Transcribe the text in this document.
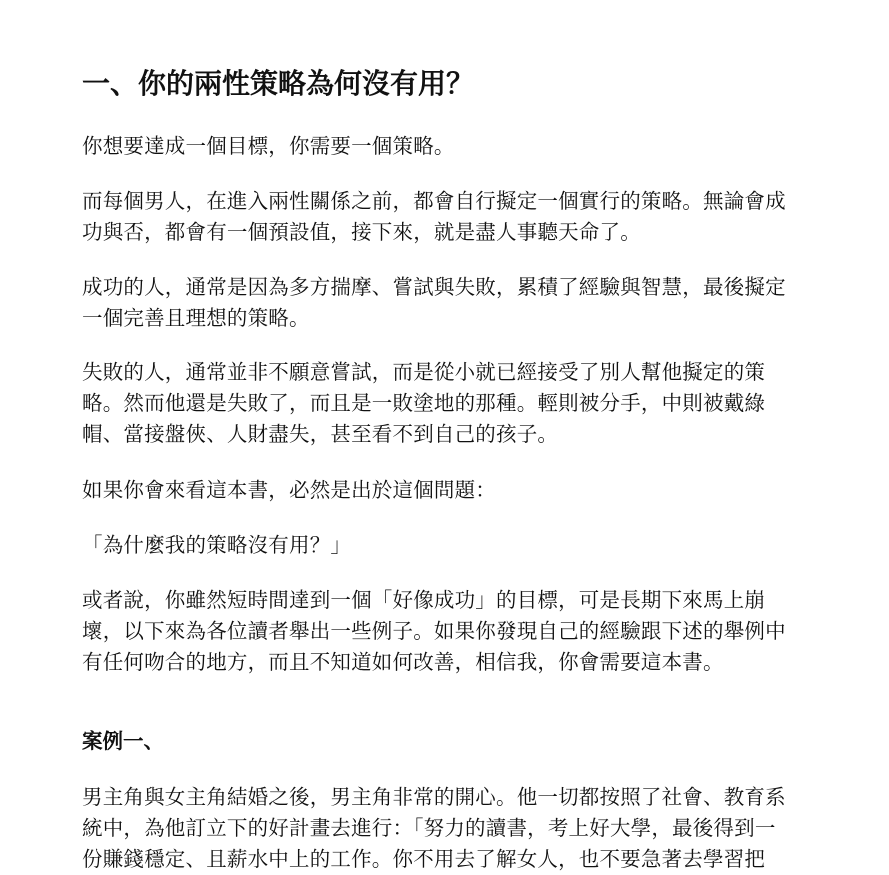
一、你的兩性策略為何沒有用？

你想要達成一個目標，你需要一個策略。

而每個男人，在進入兩性關係之前，都會自行擬定一個實行的策略。無論會成
功與否，都會有一個預設值，接下來，就是盡人事聽天命了。

成功的人，通常是因為多方揣摩、嘗試與失敗，累積了經驗與智慧，最後擬定
一個完善且理想的策略。

失敗的人，通常並非不願意嘗試，而是從小就已經接受了別人幫他擬定的策
略。然而他還是失敗了，而且是一敗塗地的那種。輕則被分手，中則被戴綠
帽、當接盤俠、人財盡失，甚至看不到自己的孩子。

如果你會來看這本書，必然是出於這個問題：

「為什麼我的策略沒有用？」

或者說，你雖然短時間達到一個「好像成功」的目標，可是長期下來馬上崩
壞，以下來為各位讀者舉出一些例子。如果你發現自己的經驗跟下述的舉例中
有任何吻合的地方，而且不知道如何改善，相信我，你會需要這本書。

案例一、

男主角與女主角結婚之後，男主角非常的開心。他一切都按照了社會、教育系
統中，為他訂立下的好計畫去進行：「努力的讀書，考上好大學，最後得到一
份賺錢穩定、且薪水中上的工作。你不用去了解女人，也不要急著去學習把
